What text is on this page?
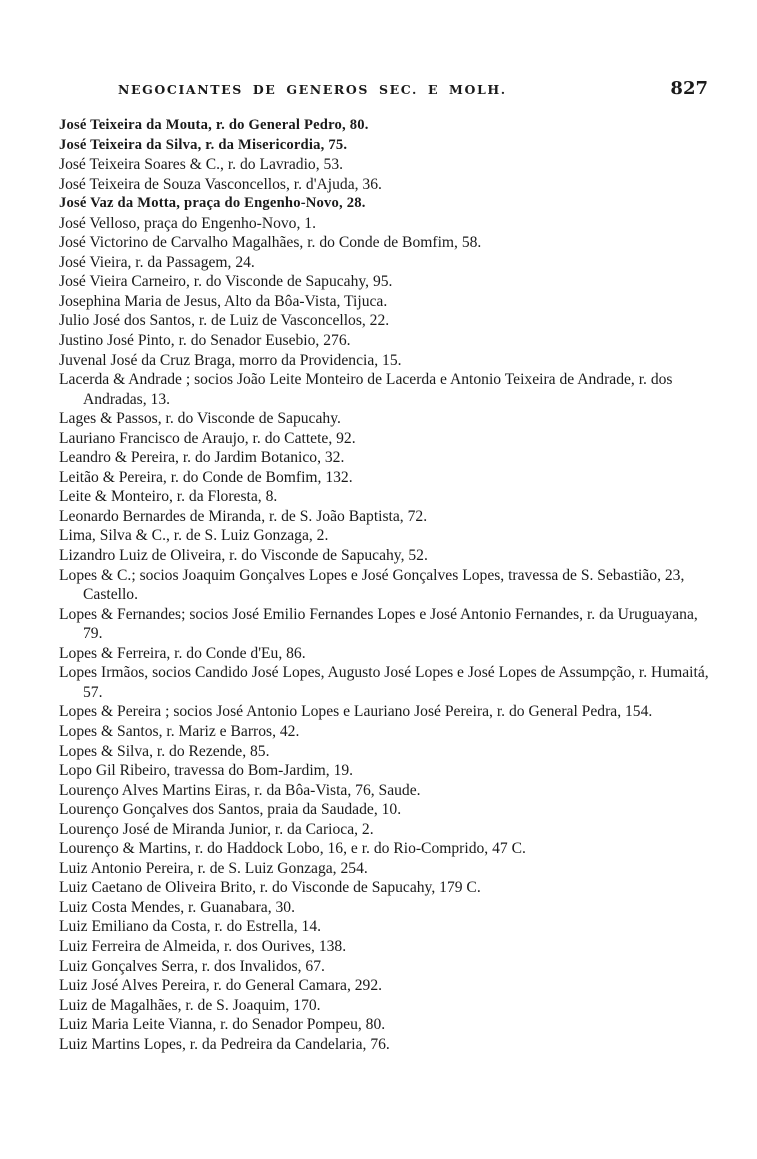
NEGOCIANTES DE GENEROS SEC. E MOLH.	827
José Teixeira da Mouta, r. do General Pedro, 80.
José Teixeira da Silva, r. da Misericordia, 75.
José Teixeira Soares & C., r. do Lavradio, 53.
José Teixeira de Souza Vasconcellos, r. d'Ajuda, 36.
José Vaz da Motta, praça do Engenho-Novo, 28.
José Velloso, praça do Engenho-Novo, 1.
José Victorino de Carvalho Magalhães, r. do Conde de Bomfim, 58.
José Vieira, r. da Passagem, 24.
José Vieira Carneiro, r. do Visconde de Sapucahy, 95.
Josephina Maria de Jesus, Alto da Bôa-Vista, Tijuca.
Julio José dos Santos, r. de Luiz de Vasconcellos, 22.
Justino José Pinto, r. do Senador Eusebio, 276.
Juvenal José da Cruz Braga, morro da Providencia, 15.
Lacerda & Andrade ; socios João Leite Monteiro de Lacerda e Antonio Teixeira de Andrade, r. dos Andradas, 13.
Lages & Passos, r. do Visconde de Sapucahy.
Lauriano Francisco de Araujo, r. do Cattete, 92.
Leandro & Pereira, r. do Jardim Botanico, 32.
Leitão & Pereira, r. do Conde de Bomfim, 132.
Leite & Monteiro, r. da Floresta, 8.
Leonardo Bernardes de Miranda, r. de S. João Baptista, 72.
Lima, Silva & C., r. de S. Luiz Gonzaga, 2.
Lizandro Luiz de Oliveira, r. do Visconde de Sapucahy, 52.
Lopes & C.; socios Joaquim Gonçalves Lopes e José Gonçalves Lopes, travessa de S. Sebastião, 23, Castello.
Lopes & Fernandes; socios José Emilio Fernandes Lopes e José Antonio Fernandes, r. da Uruguayana, 79.
Lopes & Ferreira, r. do Conde d'Eu, 86.
Lopes Irmãos, socios Candido José Lopes, Augusto José Lopes e José Lopes de Assumpção, r. Humaitá, 57.
Lopes & Pereira ; socios José Antonio Lopes e Lauriano José Pereira, r. do General Pedra, 154.
Lopes & Santos, r. Mariz e Barros, 42.
Lopes & Silva, r. do Rezende, 85.
Lopo Gil Ribeiro, travessa do Bom-Jardim, 19.
Lourenço Alves Martins Eiras, r. da Bôa-Vista, 76, Saude.
Lourenço Gonçalves dos Santos, praia da Saudade, 10.
Lourenço José de Miranda Junior, r. da Carioca, 2.
Lourenço & Martins, r. do Haddock Lobo, 16, e r. do Rio-Comprido, 47 C.
Luiz Antonio Pereira, r. de S. Luiz Gonzaga, 254.
Luiz Caetano de Oliveira Brito, r. do Visconde de Sapucahy, 179 C.
Luiz Costa Mendes, r. Guanabara, 30.
Luiz Emiliano da Costa, r. do Estrella, 14.
Luiz Ferreira de Almeida, r. dos Ourives, 138.
Luiz Gonçalves Serra, r. dos Invalidos, 67.
Luiz José Alves Pereira, r. do General Camara, 292.
Luiz de Magalhães, r. de S. Joaquim, 170.
Luiz Maria Leite Vianna, r. do Senador Pompeu, 80.
Luiz Martins Lopes, r. da Pedreira da Candelaria, 76.
